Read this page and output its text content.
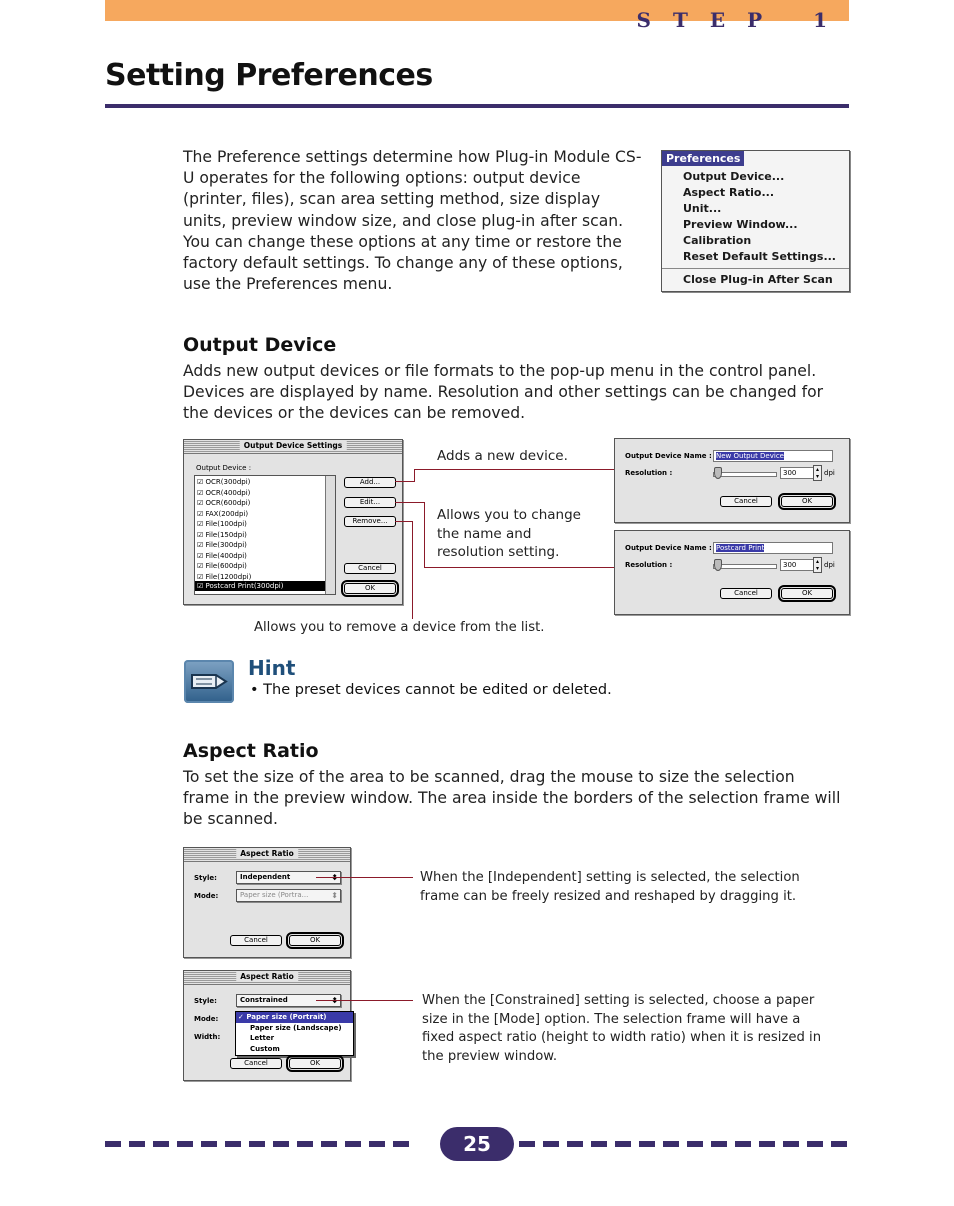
STEP 1
Setting Preferences
The Preference settings determine how Plug-in Module CS-U operates for the following options: output device (printer, files), scan area setting method, size display units, preview window size, and close plug-in after scan. You can change these options at any time or restore the factory default settings. To change any of these options, use the Preferences menu.
Preferences
Output Device...
Aspect Ratio...
Unit...
Preview Window...
Calibration
Reset Default Settings...
Close Plug-in After Scan
Output Device
Adds new output devices or file formats to the pop-up menu in the control panel. Devices are displayed by name. Resolution and other settings can be changed for the devices or the devices can be removed.
Output Device Settings
Output Device :
☑ OCR(300dpi)
☑ OCR(400dpi)
☑ OCR(600dpi)
☑ FAX(200dpi)
☑ File(100dpi)
☑ File(150dpi)
☑ File(300dpi)
☑ File(400dpi)
☑ File(600dpi)
☑ File(1200dpi)
☑ Postcard Print(300dpi)
Add...
Edit...
Remove...
Cancel
OK
Adds a new device.
Allows you to change the name and resolution setting.
Allows you to remove a device from the list.
Output Device Name : New Output Device
Resolution :	300	▴
▾ dpi
Cancel	OK
Output Device Name : Postcard Print
Resolution :	300	▴
▾ dpi
Cancel	OK
Hint
• The preset devices cannot be edited or deleted.
Aspect Ratio
To set the size of the area to be scanned, drag the mouse to size the selection frame in the preview window. The area inside the borders of the selection frame will be scanned.
Aspect Ratio
Style:	Independent ⬍
Mode:	Paper size (Portra... ⬍
Cancel	OK
When the [Independent] setting is selected, the selection frame can be freely resized and reshaped by dragging it.
Aspect Ratio
Style:	Constrained ⬍
Mode:
Width:
✓ Paper size (Portrait)
Paper size (Landscape)
Letter
Custom
Cancel	OK
When the [Constrained] setting is selected, choose a paper size in the [Mode] option. The selection frame will have a fixed aspect ratio (height to width ratio) when it is resized in the preview window.
25
